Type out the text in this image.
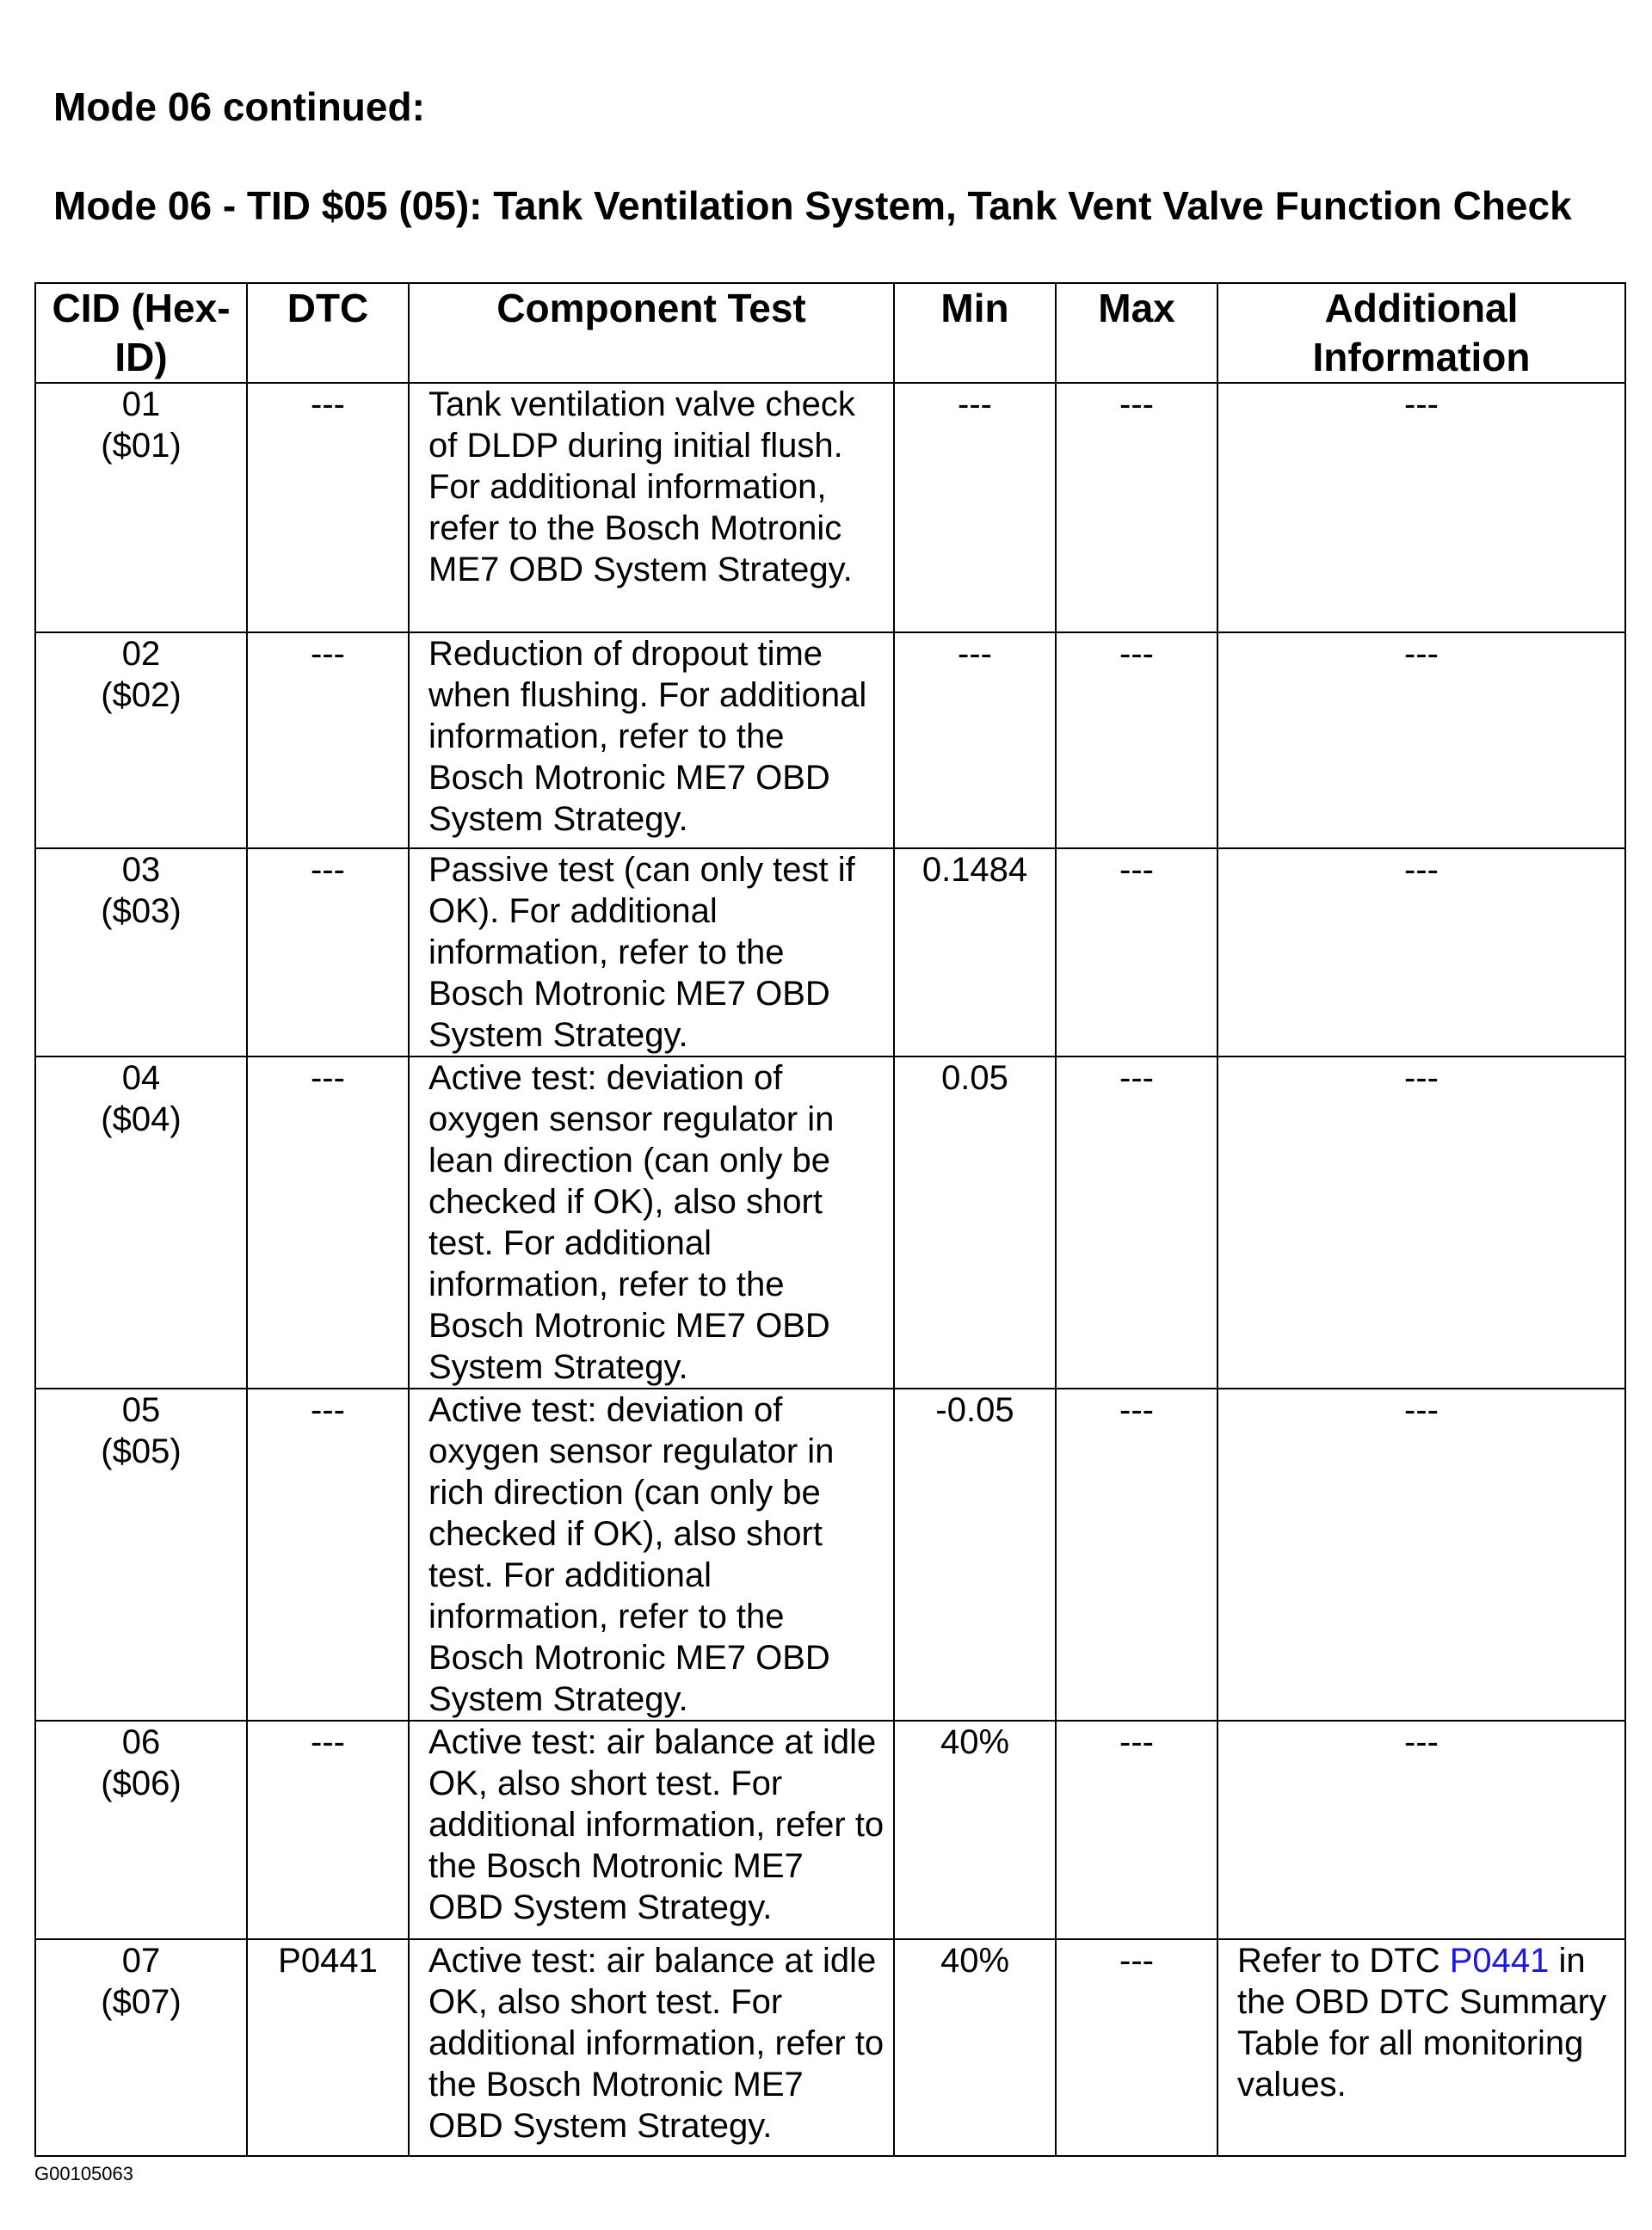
Mode 06 continued:
Mode 06 - TID $05 (05): Tank Ventilation System, Tank Vent Valve Function Check
CID (Hex-ID)	DTC	Component Test	Min	Max	Additional Information

01
($01)	---	Tank ventilation valve check of DLDP during initial flush. For additional information, refer to the Bosch Motronic ME7 OBD System Strategy.	---	---	---

02
($02)	---	Reduction of dropout time when flushing. For additional information, refer to the Bosch Motronic ME7 OBD System Strategy.	---	---	---

03
($03)	---	Passive test (can only test if OK). For additional information, refer to the Bosch Motronic ME7 OBD System Strategy.	0.1484	---	---

04
($04)	---	Active test: deviation of oxygen sensor regulator in lean direction (can only be checked if OK), also short test. For additional information, refer to the Bosch Motronic ME7 OBD System Strategy.	0.05	---	---

05
($05)	---	Active test: deviation of oxygen sensor regulator in rich direction (can only be checked if OK), also short test. For additional information, refer to the Bosch Motronic ME7 OBD System Strategy.	-0.05	---	---

06
($06)	---	Active test: air balance at idle OK, also short test. For additional information, refer to the Bosch Motronic ME7 OBD System Strategy.	40%	---	---

07
($07)	P0441	Active test: air balance at idle OK, also short test. For additional information, refer to the Bosch Motronic ME7 OBD System Strategy.	40%	---	Refer to DTC P0441 in the OBD DTC Summary Table for all monitoring values.
G00105063
